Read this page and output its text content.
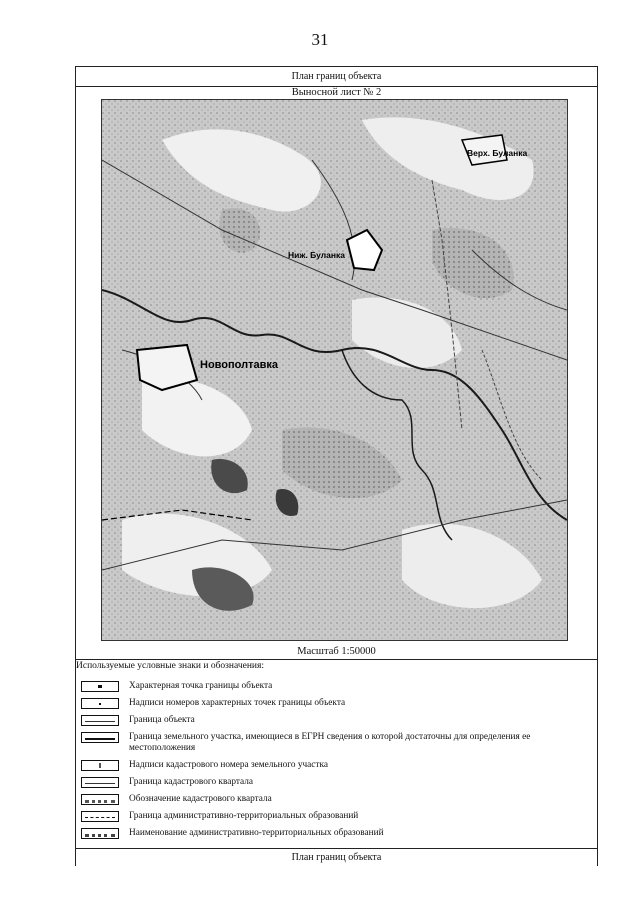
31
План границ объекта
Выносной лист № 2
Верх. Буланка
Ниж. Буланка
Новополтавка
Масштаб 1:50000
Используемые условные знаки и обозначения:
Характерная точка границы объекта
Надписи номеров характерных точек границы объекта
Граница объекта
Граница земельного участка, имеющиеся в ЕГРН сведения о которой достаточны для определения ее местоположения
Надписи кадастрового номера земельного участка
Граница кадастрового квартала
Обозначение кадастрового квартала
Граница административно-территориальных образований
Наименование административно-территориальных образований
План границ объекта
